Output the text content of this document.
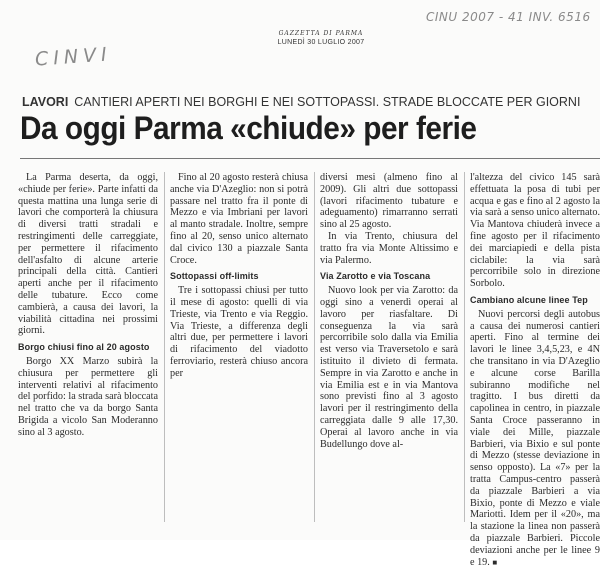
CINVI
CINU 2007 - 41 INV. 6516
GAZZETTA DI PARMA
LUNEDÌ 30 LUGLIO 2007
LAVORI CANTIERI APERTI NEI BORGHI E NEI SOTTOPASSI. STRADE BLOCCATE PER GIORNI
Da oggi Parma «chiude» per ferie

La Parma deserta, da oggi, «chiude per ferie». Parte infatti da questa mattina una lunga serie di lavori che comporterà la chiusura di diversi tratti stradali e restringimenti delle carreggiate, per permettere il rifacimento dell'asfalto di alcune arterie principali della città. Cantieri aperti anche per il rifacimento delle tubature. Ecco come cambierà, a causa dei lavori, la viabilità cittadina nei prossimi giorni.

Borgo chiusi fino al 20 agosto

Borgo XX Marzo subirà la chiusura per permettere gli interventi relativi al rifacimento del porfido: la strada sarà bloccata nel tratto che va da borgo Santa Brigida a vicolo San Moderanno sino al 3 agosto.

Fino al 20 agosto resterà chiusa anche via D'Azeglio: non si potrà passare nel tratto fra il ponte di Mezzo e via Imbriani per lavori al manto stradale. Inoltre, sempre fino al 20, senso unico alternato dal civico 130 a piazzale Santa Croce.

Sottopassi off-limits

Tre i sottopassi chiusi per tutto il mese di agosto: quelli di via Trieste, via Trento e via Reggio. Via Trieste, a differenza degli altri due, per permettere i lavori di rifacimento del viadotto ferroviario, resterà chiuso ancora per

diversi mesi (almeno fino al 2009). Gli altri due sottopassi (lavori rifacimento tubature e adeguamento) rimarranno serrati sino al 25 agosto.

In via Trento, chiusura del tratto fra via Monte Altissimo e via Palermo.

Via Zarotto e via Toscana

Nuovo look per via Zarotto: da oggi sino a venerdì operai al lavoro per riasfaltare. Di conseguenza la via sarà percorribile solo dalla via Emilia est verso via Traversetolo e sarà istituito il divieto di fermata. Sempre in via Zarotto e anche in via Emilia est e in via Mantova sono previsti fino al 3 agosto lavori per il restringimento della carreggiata dalle 9 alle 17,30. Operai al lavoro anche in via Budellungo dove al-

l'altezza del civico 145 sarà effettuata la posa di tubi per acqua e gas e fino al 2 agosto la via sarà a senso unico alternato. Via Mantova chiuderà invece a fine agosto per il rifacimento dei marciapiedi e della pista ciclabile: la via sarà percorribile solo in direzione Sorbolo.

Cambiano alcune linee Tep

Nuovi percorsi degli autobus a causa dei numerosi cantieri aperti. Fino al termine dei lavori le linee 3,4,5,23, e 4N che transitano in via D'Azeglio e alcune corse Barilla subiranno modifiche nel tragitto. I bus diretti da capolinea in centro, in piazzale Santa Croce passeranno in viale dei Mille, piazzale Barbieri, via Bixio e sul ponte di Mezzo (stesse deviazione in senso opposto). La «7» per la tratta Campus-centro passerà da piazzale Barbieri a via Bixio, ponte di Mezzo e viale Mariotti. Idem per il «20», ma la stazione la linea non passerà da piazzale Barbieri. Piccole deviazioni anche per le linee 9 e 19. ■
